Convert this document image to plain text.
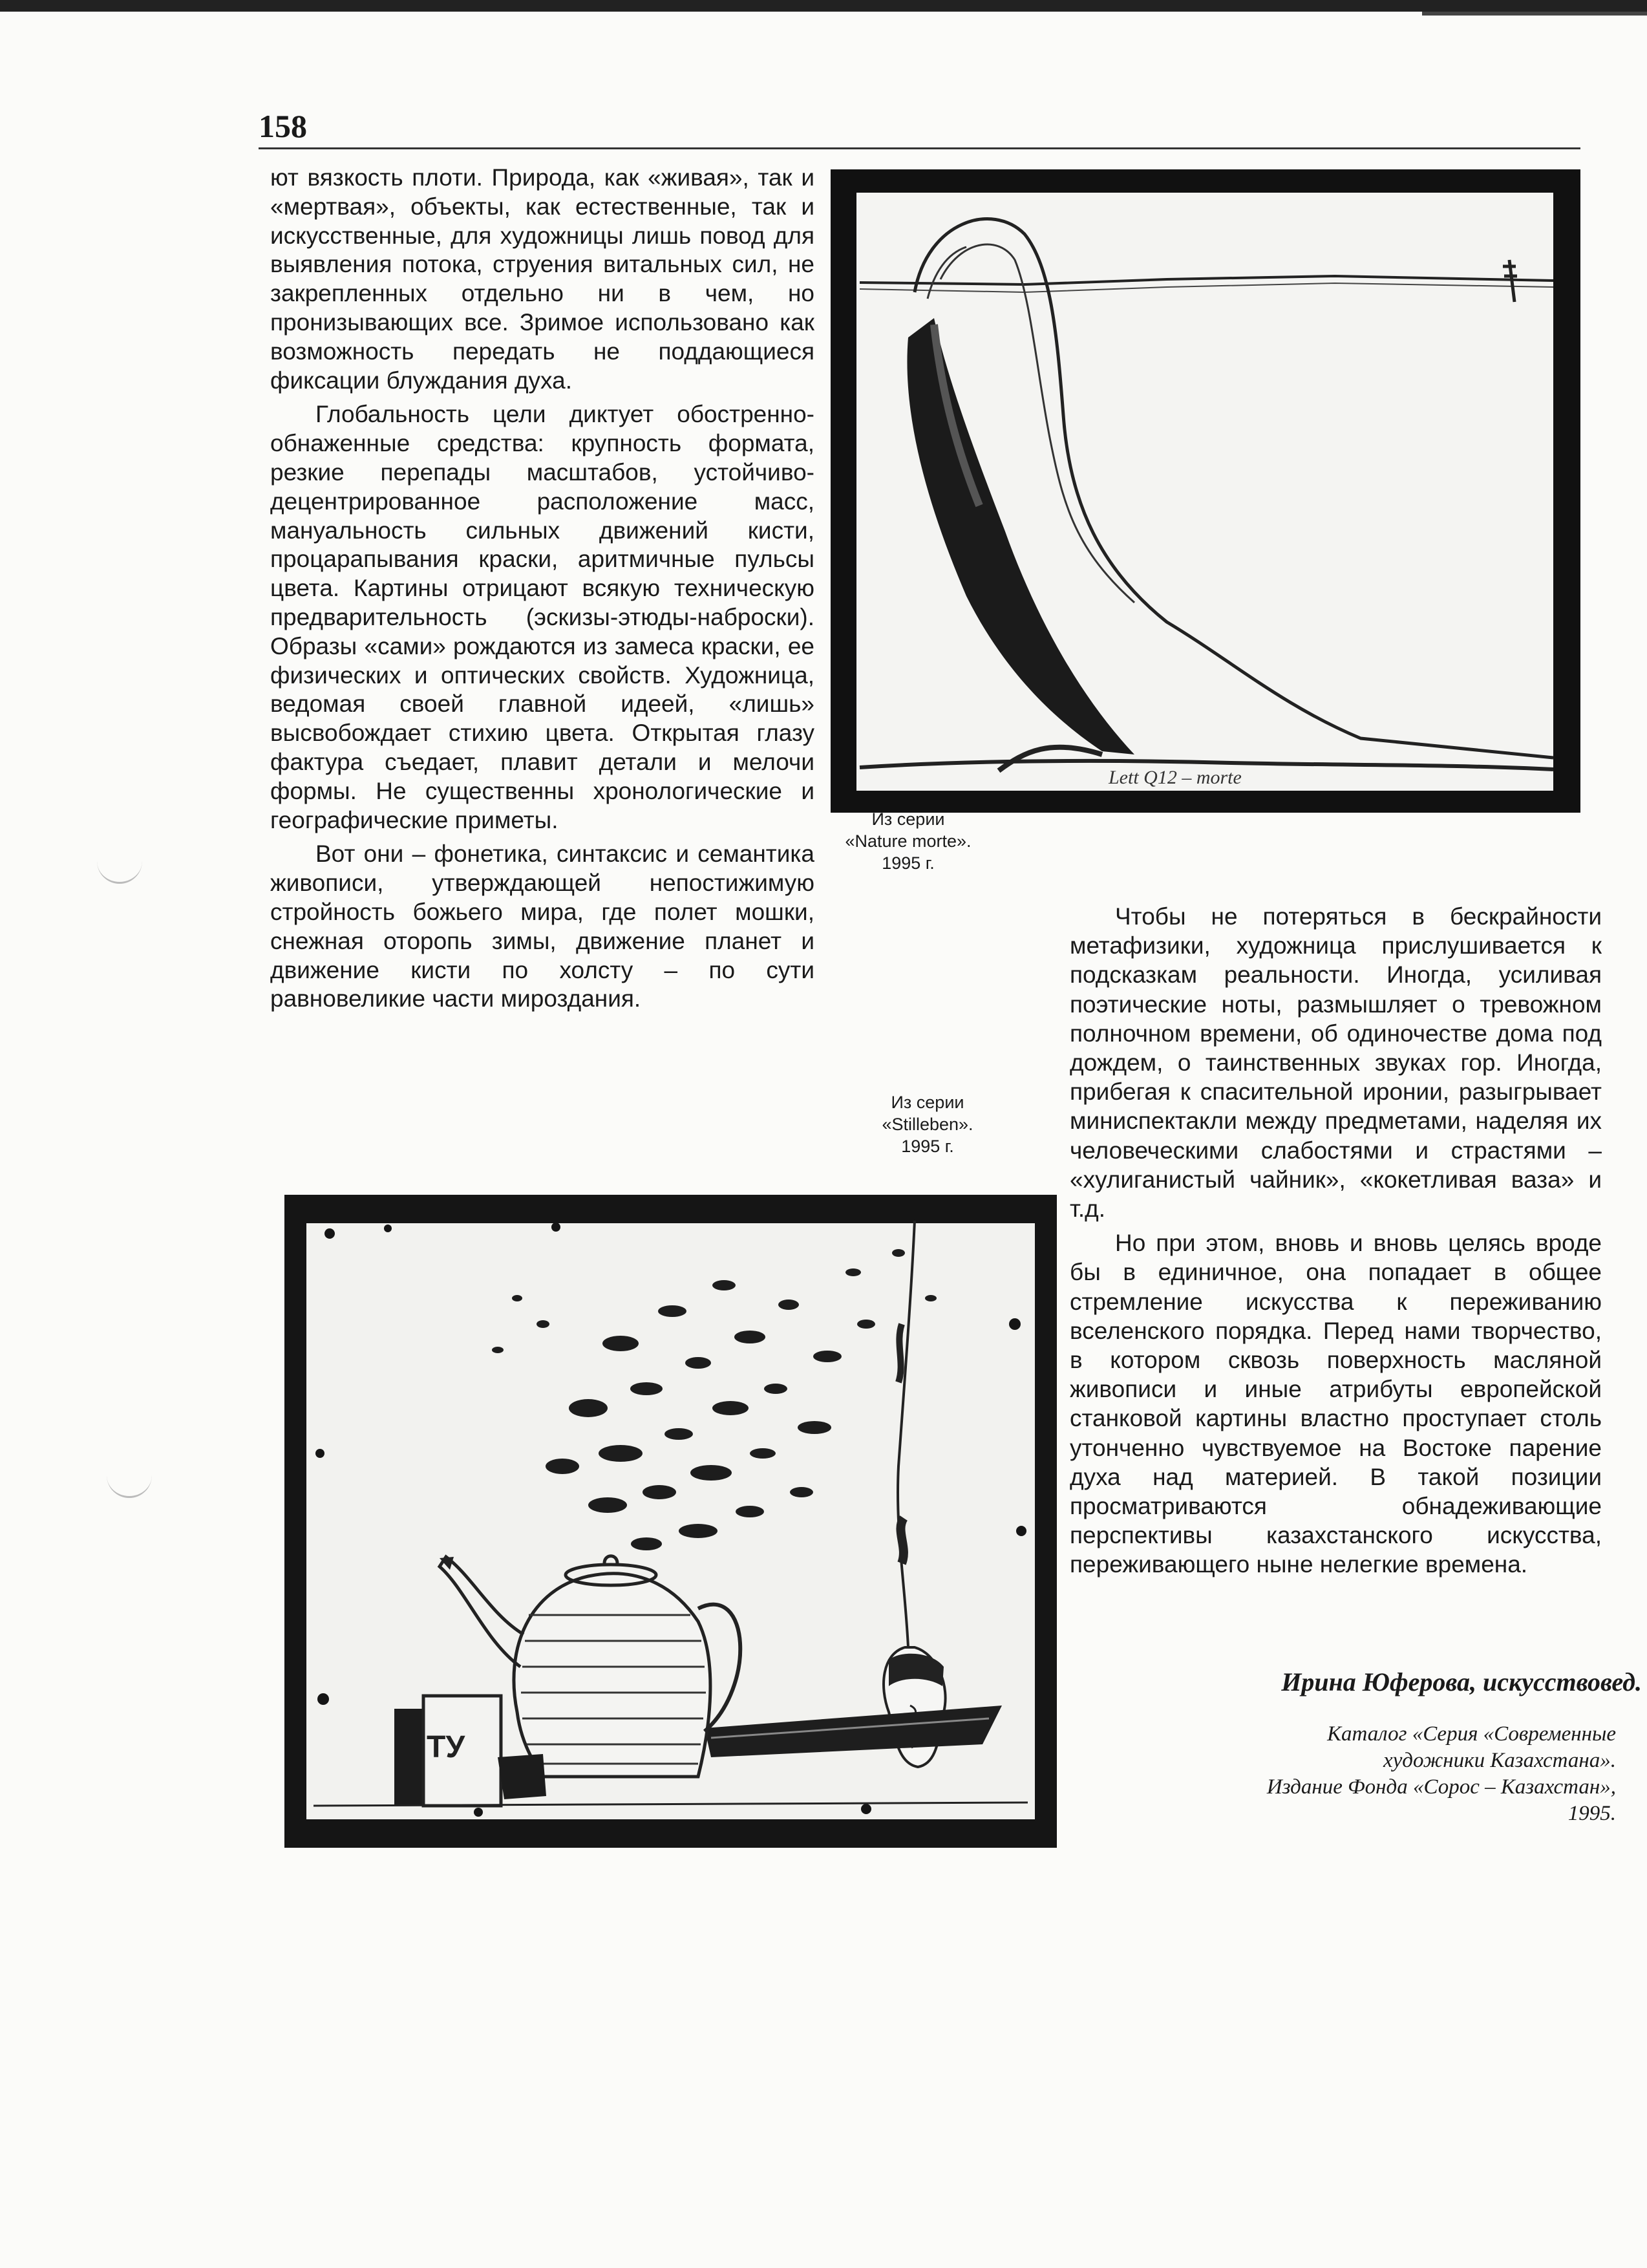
158

ют вязкость плоти. Природа, как «живая», так и «мертвая», объекты, как естественные, так и искусственные, для художницы лишь повод для выявления потока, струения витальных сил, не закрепленных отдельно ни в чем, но пронизывающих все. Зримое использовано как возможность передать не поддающиеся фиксации блуждания духа.

Глобальность цели диктует обостренно-обнаженные средства: крупность формата, резкие перепады масштабов, устойчиво-децентрированное расположение масс, мануальность сильных движений кисти, процарапывания краски, аритмичные пульсы цвета. Картины отрицают всякую техническую предварительность (эскизы-этюды-наброски). Образы «сами» рождаются из замеса краски, ее физических и оптических свойств. Художница, ведомая своей главной идеей, «лишь» высвобождает стихию цвета. Открытая глазу фактура съедает, плавит детали и мелочи формы. Не существенны хронологические и географические приметы.

Вот они – фонетика, синтаксис и семантика живописи, утверждающей непостижимую стройность божьего мира, где полет мошки, снежная оторопь зимы, движение планет и движение кисти по холсту – по сути равновеликие части мироздания.

Lett Q12 – morte
Из серии
«Nature morte».
1995 г.
Из серии
«Stilleben».
1995 г.

Чтобы не потеряться в бескрайности метафизики, художница прислушивается к подсказкам реальности. Иногда, усиливая поэтические ноты, размышляет о тревожном полночном времени, об одиночестве дома под дождем, о таинственных звуках гор. Иногда, прибегая к спасительной иронии, разыгрывает миниспектакли между предметами, наделяя их человеческими слабостями и страстями – «хулиганистый чайник», «кокетливая ваза» и т.д.

Но при этом, вновь и вновь целясь вроде бы в единичное, она попадает в общее стремление искусства к переживанию вселенского порядка. Перед нами творчество, в котором сквозь поверхность масляной живописи и иные атрибуты европейской станковой картины властно проступает столь утонченно чувствуемое на Востоке парение духа над материей. В такой позиции просматриваются обнадеживающие перспективы казахстанского искусства, переживающего ныне нелегкие времена.

ТУ
Ирина Юферова, искусствовед.
Каталог «Серия «Современные
художники Казахстана».
Издание Фонда «Сорос – Казахстан»,
1995.
